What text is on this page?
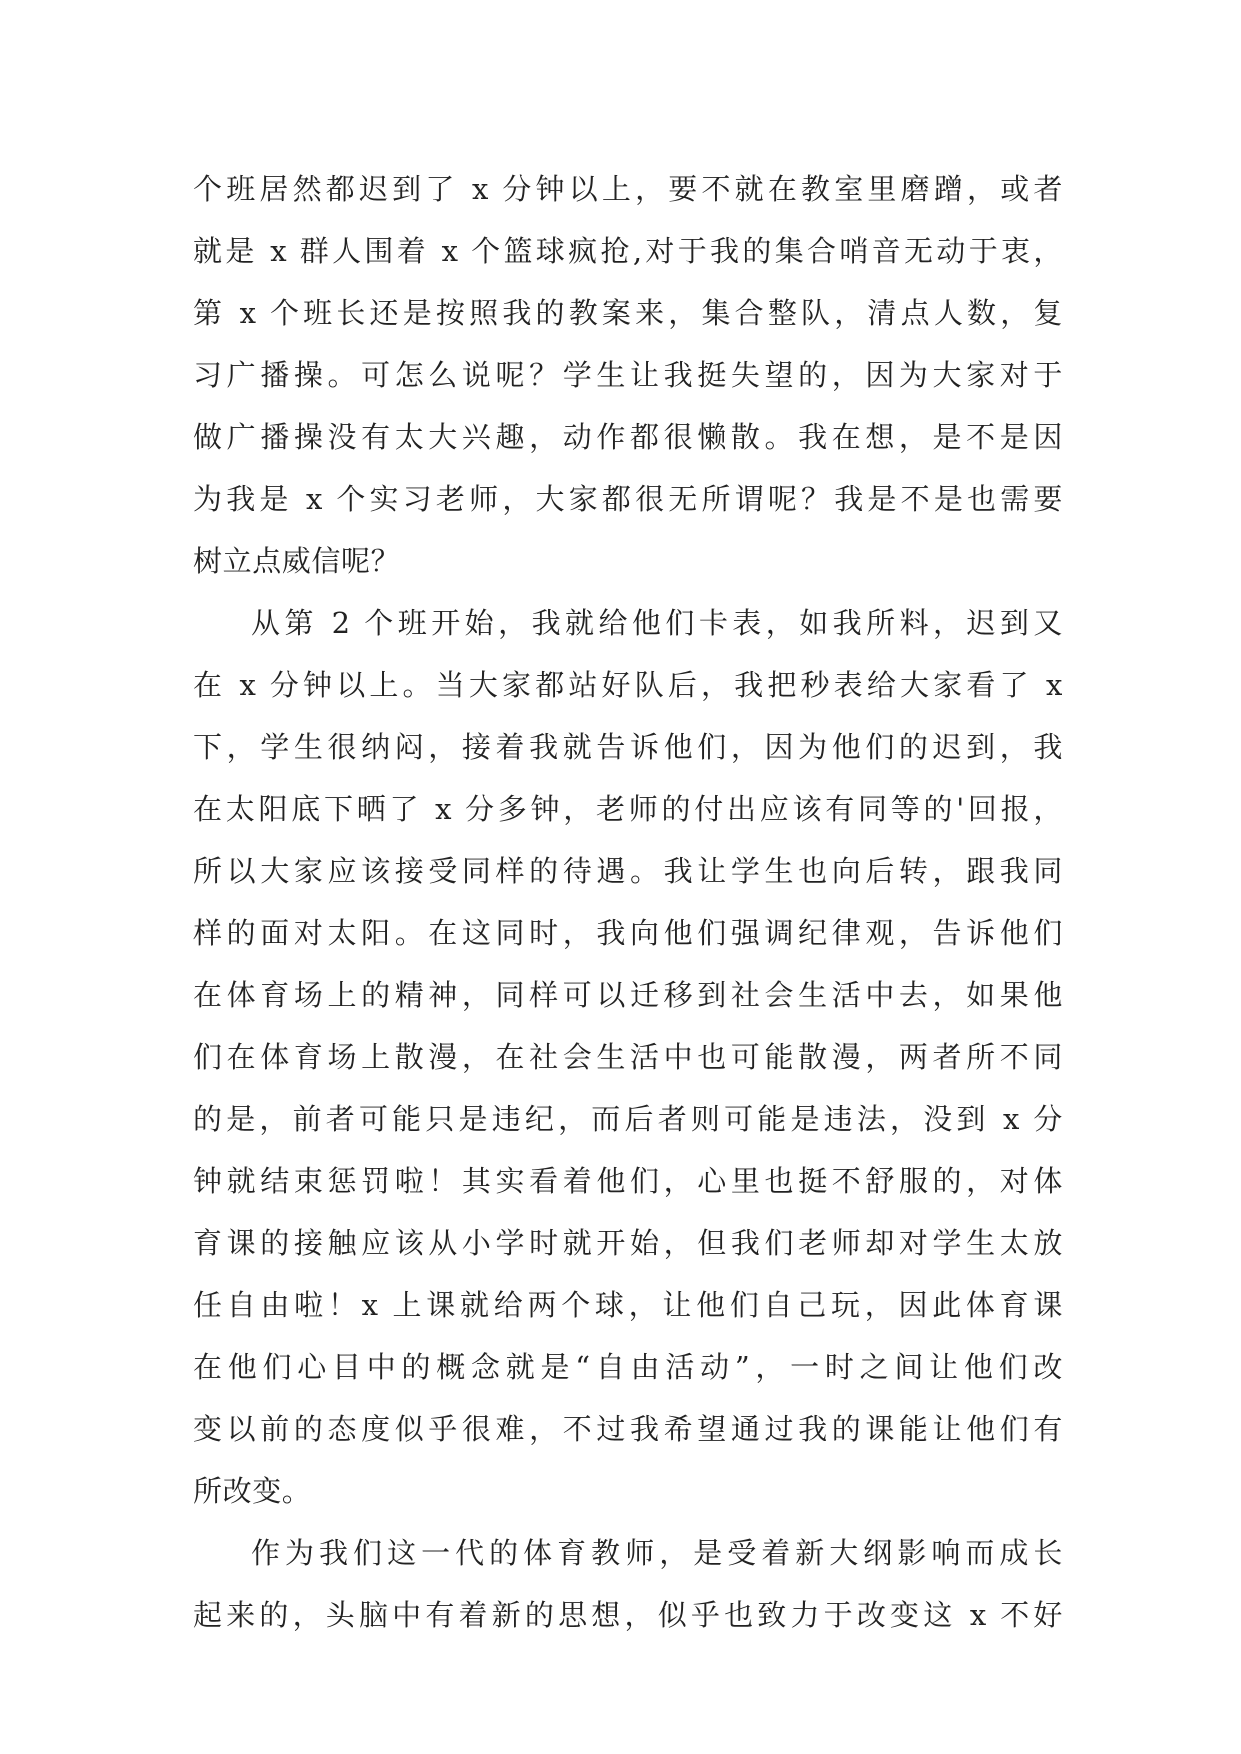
个班居然都迟到了 x 分钟以上，要不就在教室里磨蹭，或者
就是 x 群人围着 x 个篮球疯抢,对于我的集合哨音无动于衷，
第 x 个班长还是按照我的教案来，集合整队，清点人数，复
习广播操。可怎么说呢？学生让我挺失望的，因为大家对于
做广播操没有太大兴趣，动作都很懒散。我在想，是不是因
为我是 x 个实习老师，大家都很无所谓呢？我是不是也需要
树立点威信呢？
从第 2 个班开始，我就给他们卡表，如我所料，迟到又
在 x 分钟以上。当大家都站好队后，我把秒表给大家看了 x
下，学生很纳闷，接着我就告诉他们，因为他们的迟到，我
在太阳底下晒了 x 分多钟，老师的付出应该有同等的'回报，
所以大家应该接受同样的待遇。我让学生也向后转，跟我同
样的面对太阳。在这同时，我向他们强调纪律观，告诉他们
在体育场上的精神，同样可以迁移到社会生活中去，如果他
们在体育场上散漫，在社会生活中也可能散漫，两者所不同
的是，前者可能只是违纪，而后者则可能是违法，没到 x 分
钟就结束惩罚啦！其实看着他们，心里也挺不舒服的，对体
育课的接触应该从小学时就开始，但我们老师却对学生太放
任自由啦！x 上课就给两个球，让他们自己玩，因此体育课
在他们心目中的概念就是“自由活动”，一时之间让他们改
变以前的态度似乎很难，不过我希望通过我的课能让他们有
所改变。
作为我们这一代的体育教师，是受着新大纲影响而成长
起来的，头脑中有着新的思想，似乎也致力于改变这 x 不好
